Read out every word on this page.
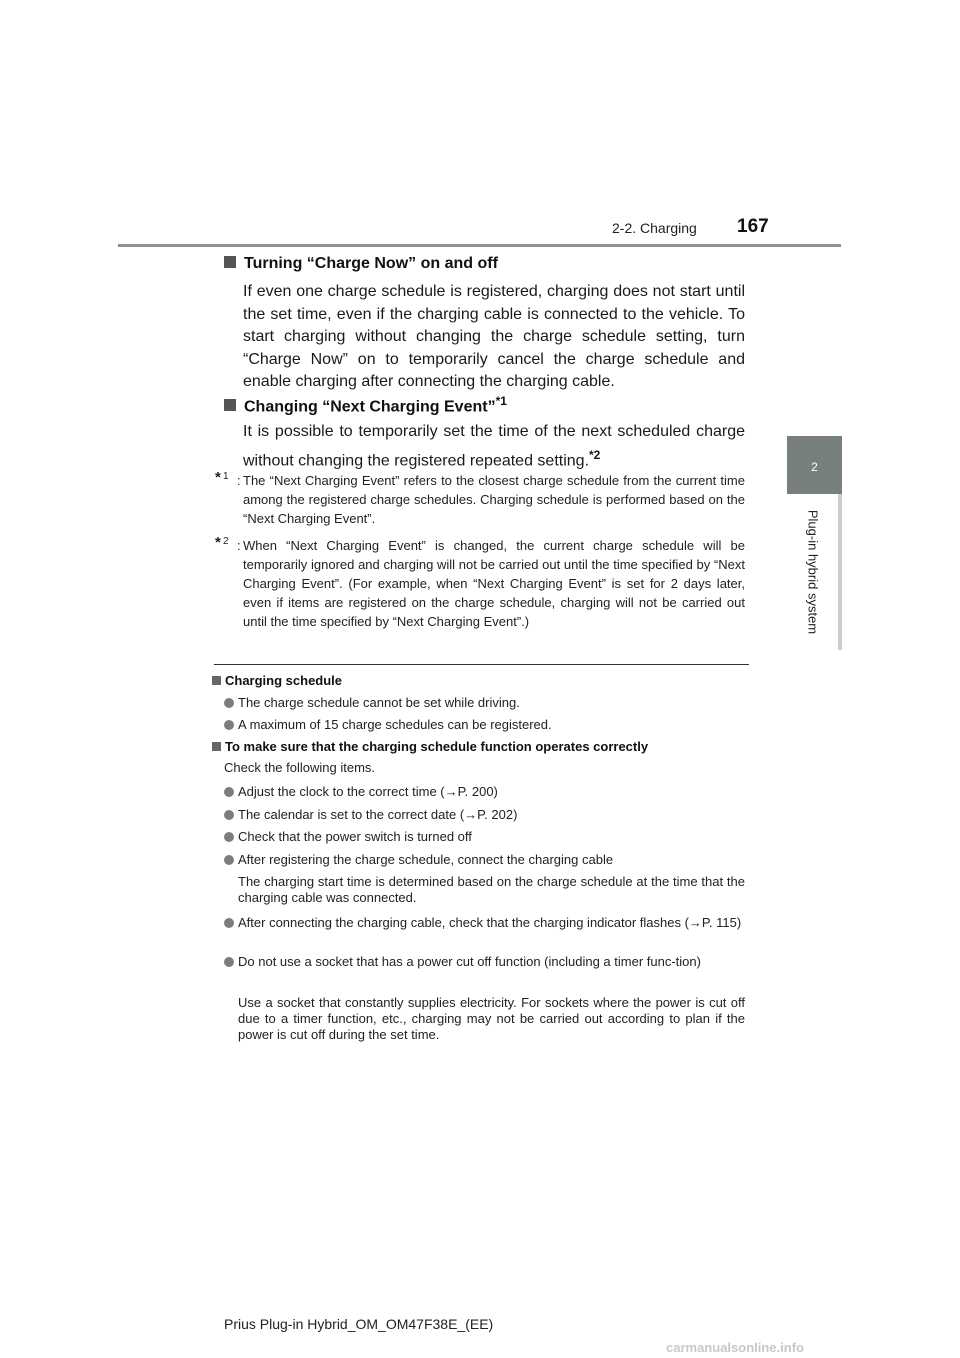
2-2. Charging 167
2
Plug-in hybrid system
Turning “Charge Now” on and off
If even one charge schedule is registered, charging does not start until the set time, even if the charging cable is connected to the vehicle. To start charging without changing the charge schedule setting, turn “Charge Now” on to temporarily cancel the charge schedule and enable charging after connecting the charging cable.
Changing “Next Charging Event”$^{*1}$
It is possible to temporarily set the time of the next scheduled charge without changing the registered repeated setting.$^{*2}$
* 1 : The “Next Charging Event” refers to the closest charge schedule from the current time among the registered charge schedules. Charging schedule is performed based on the “Next Charging Event”.
* 2 : When “Next Charging Event” is changed, the current charge schedule will be temporarily ignored and charging will not be carried out until the time specified by “Next Charging Event”. (For example, when “Next Charging Event” is set for 2 days later, even if items are registered on the charge schedule, charging will not be carried out until the time specified by “Next Charging Event”.)
Charging schedule
The charge schedule cannot be set while driving.
A maximum of 15 charge schedules can be registered.
To make sure that the charging schedule function operates correctly
Check the following items.
Adjust the clock to the correct time (→P. 200)
The calendar is set to the correct date (→P. 202)
Check that the power switch is turned off
After registering the charge schedule, connect the charging cable
The charging start time is determined based on the charge schedule at the time that the charging cable was connected.
After connecting the charging cable, check that the charging indicator flashes (→P. 115)
Do not use a socket that has a power cut off function (including a timer func-tion)
Use a socket that constantly supplies electricity. For sockets where the power is cut off due to a timer function, etc., charging may not be carried out according to plan if the power is cut off during the set time.
Prius Plug-in Hybrid_OM_OM47F38E_(EE)
carmanualsonline.info
